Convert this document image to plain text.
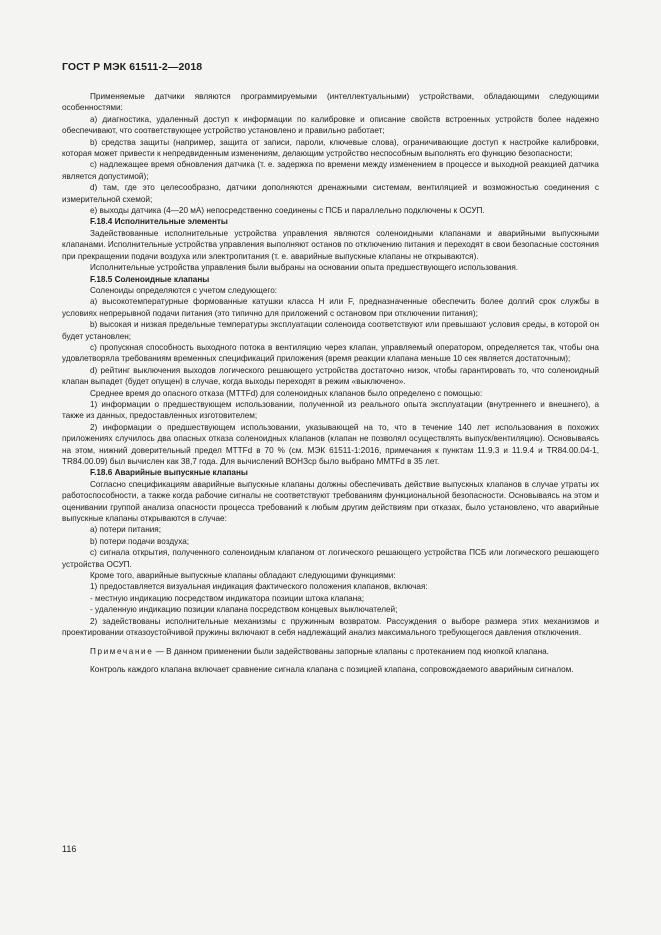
ГОСТ Р МЭК 61511-2—2018

Применяемые датчики являются программируемыми (интеллектуальными) устройствами, обладающими следующими особенностями:

а) диагностика, удаленный доступ к информации по калибровке и описание свойств встроенных устройств более надежно обеспечивают, что соответствующее устройство установлено и правильно работает;

b) средства защиты (например, защита от записи, пароли, ключевые слова), ограничивающие доступ к настройке калибровки, которая может привести к непредвиденным изменениям, делающим устройство неспособным выполнять его функцию безопасности;

c) надлежащее время обновления датчика (т. е. задержка по времени между изменением в процессе и выходной реакцией датчика является допустимой);

d) там, где это целесообразно, датчики дополняются дренажными системам, вентиляцией и возможностью соединения с измерительной схемой;

e) выходы датчика (4—20 мА) непосредственно соединены с ПСБ и параллельно подключены к ОСУП.

F.18.4 Исполнительные элементы

Задействованные исполнительные устройства управления являются соленоидными клапанами и аварийными выпускными клапанами. Исполнительные устройства управления выполняют останов по отключению питания и переходят в свои безопасные состояния при прекращении подачи воздуха или электропитания (т. е. аварийные выпускные клапаны не открываются).

Исполнительные устройства управления были выбраны на основании опыта предшествующего использования.

F.18.5 Соленоидные клапаны

Соленоиды определяются с учетом следующего:

а) высокотемпературные формованные катушки класса H или F, предназначенные обеспечить более долгий срок службы в условиях непрерывной подачи питания (это типично для приложений с остановом при отключении питания);

b) высокая и низкая предельные температуры эксплуатации соленоида соответствуют или превышают условия среды, в которой он будет установлен;

c) пропускная способность выходного потока в вентиляцию через клапан, управляемый оператором, определяется так, чтобы она удовлетворяла требованиям временных спецификаций приложения (время реакции клапана меньше 10 сек является достаточным);

d) рейтинг выключения выходов логического решающего устройства достаточно низок, чтобы гарантировать то, что соленоидный клапан выпадет (будет опущен) в случае, когда выходы переходят в режим «выключено».

Среднее время до опасного отказа (MTTFd) для соленоидных клапанов было определено с помощью:

1) информации о предшествующем использовании, полученной из реального опыта эксплуатации (внутреннего и внешнего), а также из данных, предоставленных изготовителем;

2) информации о предшествующем использовании, указывающей на то, что в течение 140 лет использования в похожих приложениях случилось два опасных отказа соленоидных клапанов (клапан не позволял осуществлять выпуск/вентиляцию). Основываясь на этом, нижний доверительный предел MTTFd в 70 % (см. МЭК 61511-1:2016, примечания к пунктам 11.9.3 и 11.9.4 и TR84.00.04-1, TR84.00.09) был вычислен как 38,7 года. Для вычислений ВОНЗср было выбрано MMTFd в 35 лет.

F.18.6 Аварийные выпускные клапаны

Согласно спецификациям аварийные выпускные клапаны должны обеспечивать действие выпускных клапанов в случае утраты их работоспособности, а также когда рабочие сигналы не соответствуют требованиям функциональной безопасности. Основываясь на этом и оценивании группой анализа опасности процесса требований к любым другим действиям при отказах, было установлено, что аварийные выпускные клапаны открываются в случае:

a) потери питания;

b) потери подачи воздуха;

c) сигнала открытия, полученного соленоидным клапаном от логического решающего устройства ПСБ или логического решающего устройства ОСУП.

Кроме того, аварийные выпускные клапаны обладают следующими функциями:

1) предоставляется визуальная индикация фактического положения клапанов, включая:

- местную индикацию посредством индикатора позиции штока клапана;

- удаленную индикацию позиции клапана посредством концевых выключателей;

2) задействованы исполнительные механизмы с пружинным возвратом. Рассуждения о выборе размера этих механизмов и проектировании отказоустойчивой пружины включают в себя надлежащий анализ максимального требующегося давления отключения.

Примечание — В данном применении были задействованы запорные клапаны с протеканием под кнопкой клапана.

Контроль каждого клапана включает сравнение сигнала клапана с позицией клапана, сопровождаемого аварийным сигналом.

116
